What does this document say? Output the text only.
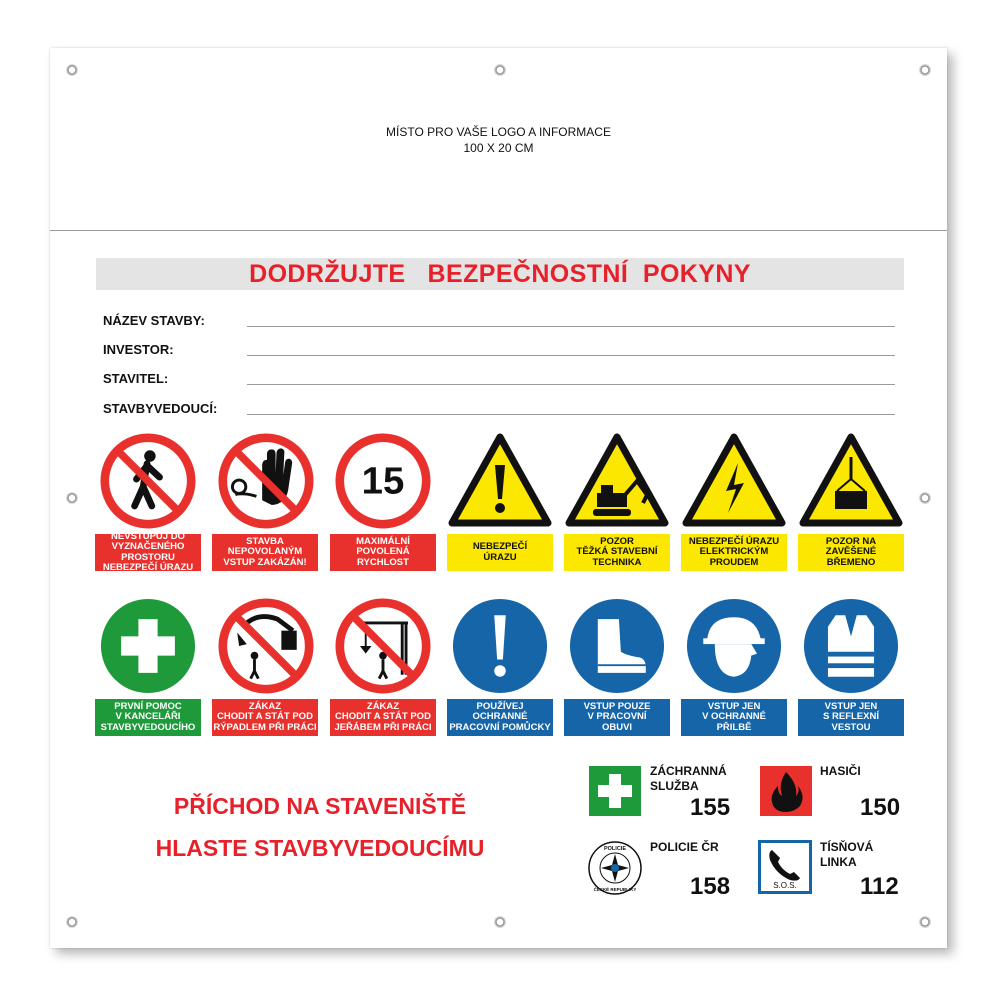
MÍSTO PRO VAŠE LOGO A INFORMACE
100 X 20 CM
DODRŽUJTE   BEZPEČNOSTNÍ  POKYNY
NÁZEV STAVBY:
INVESTOR:
STAVITEL:
STAVBYVEDOUCÍ:
15
NEVSTUPUJ DO
VYZNAČENÉHO PROSTORU
NEBEZPEČÍ ÚRAZU
STAVBA
NEPOVOLANÝM
VSTUP ZAKÁZÁN!
MAXIMÁLNÍ
POVOLENÁ
RYCHLOST
NEBEZPEČÍ
ÚRAZU
POZOR
TĚŽKÁ STAVEBNÍ
TECHNIKA
NEBEZPEČÍ ÚRAZU
ELEKTRICKÝM
PROUDEM
POZOR NA
ZAVĚŠENÉ
BŘEMENO
PRVNÍ POMOC
V KANCELÁŘI
STAVBYVEDOUCÍHO
ZÁKAZ
CHODIT A STÁT POD
RÝPADLEM PŘI PRÁCI
ZÁKAZ
CHODIT A STÁT POD
JEŘÁBEM PŘI PRÁCI
POUŽÍVEJ
OCHRANNÉ
PRACOVNÍ POMŮCKY
VSTUP POUZE
V PRACOVNÍ
OBUVI
VSTUP JEN
V OCHRANNÉ
PŘILBĚ
VSTUP JEN
S REFLEXNÍ
VESTOU
PŘÍCHOD NA STAVENIŠTĚ
HLASTE STAVBYVEDOUCÍMU
ZÁCHRANNÁ
SLUŽBA
155
HASIČI
150
POLICIE
ČESKÉ REPUBLIKY
POLICIE ČR
158	S.O.S.
TÍSŇOVÁ
LINKA
112
